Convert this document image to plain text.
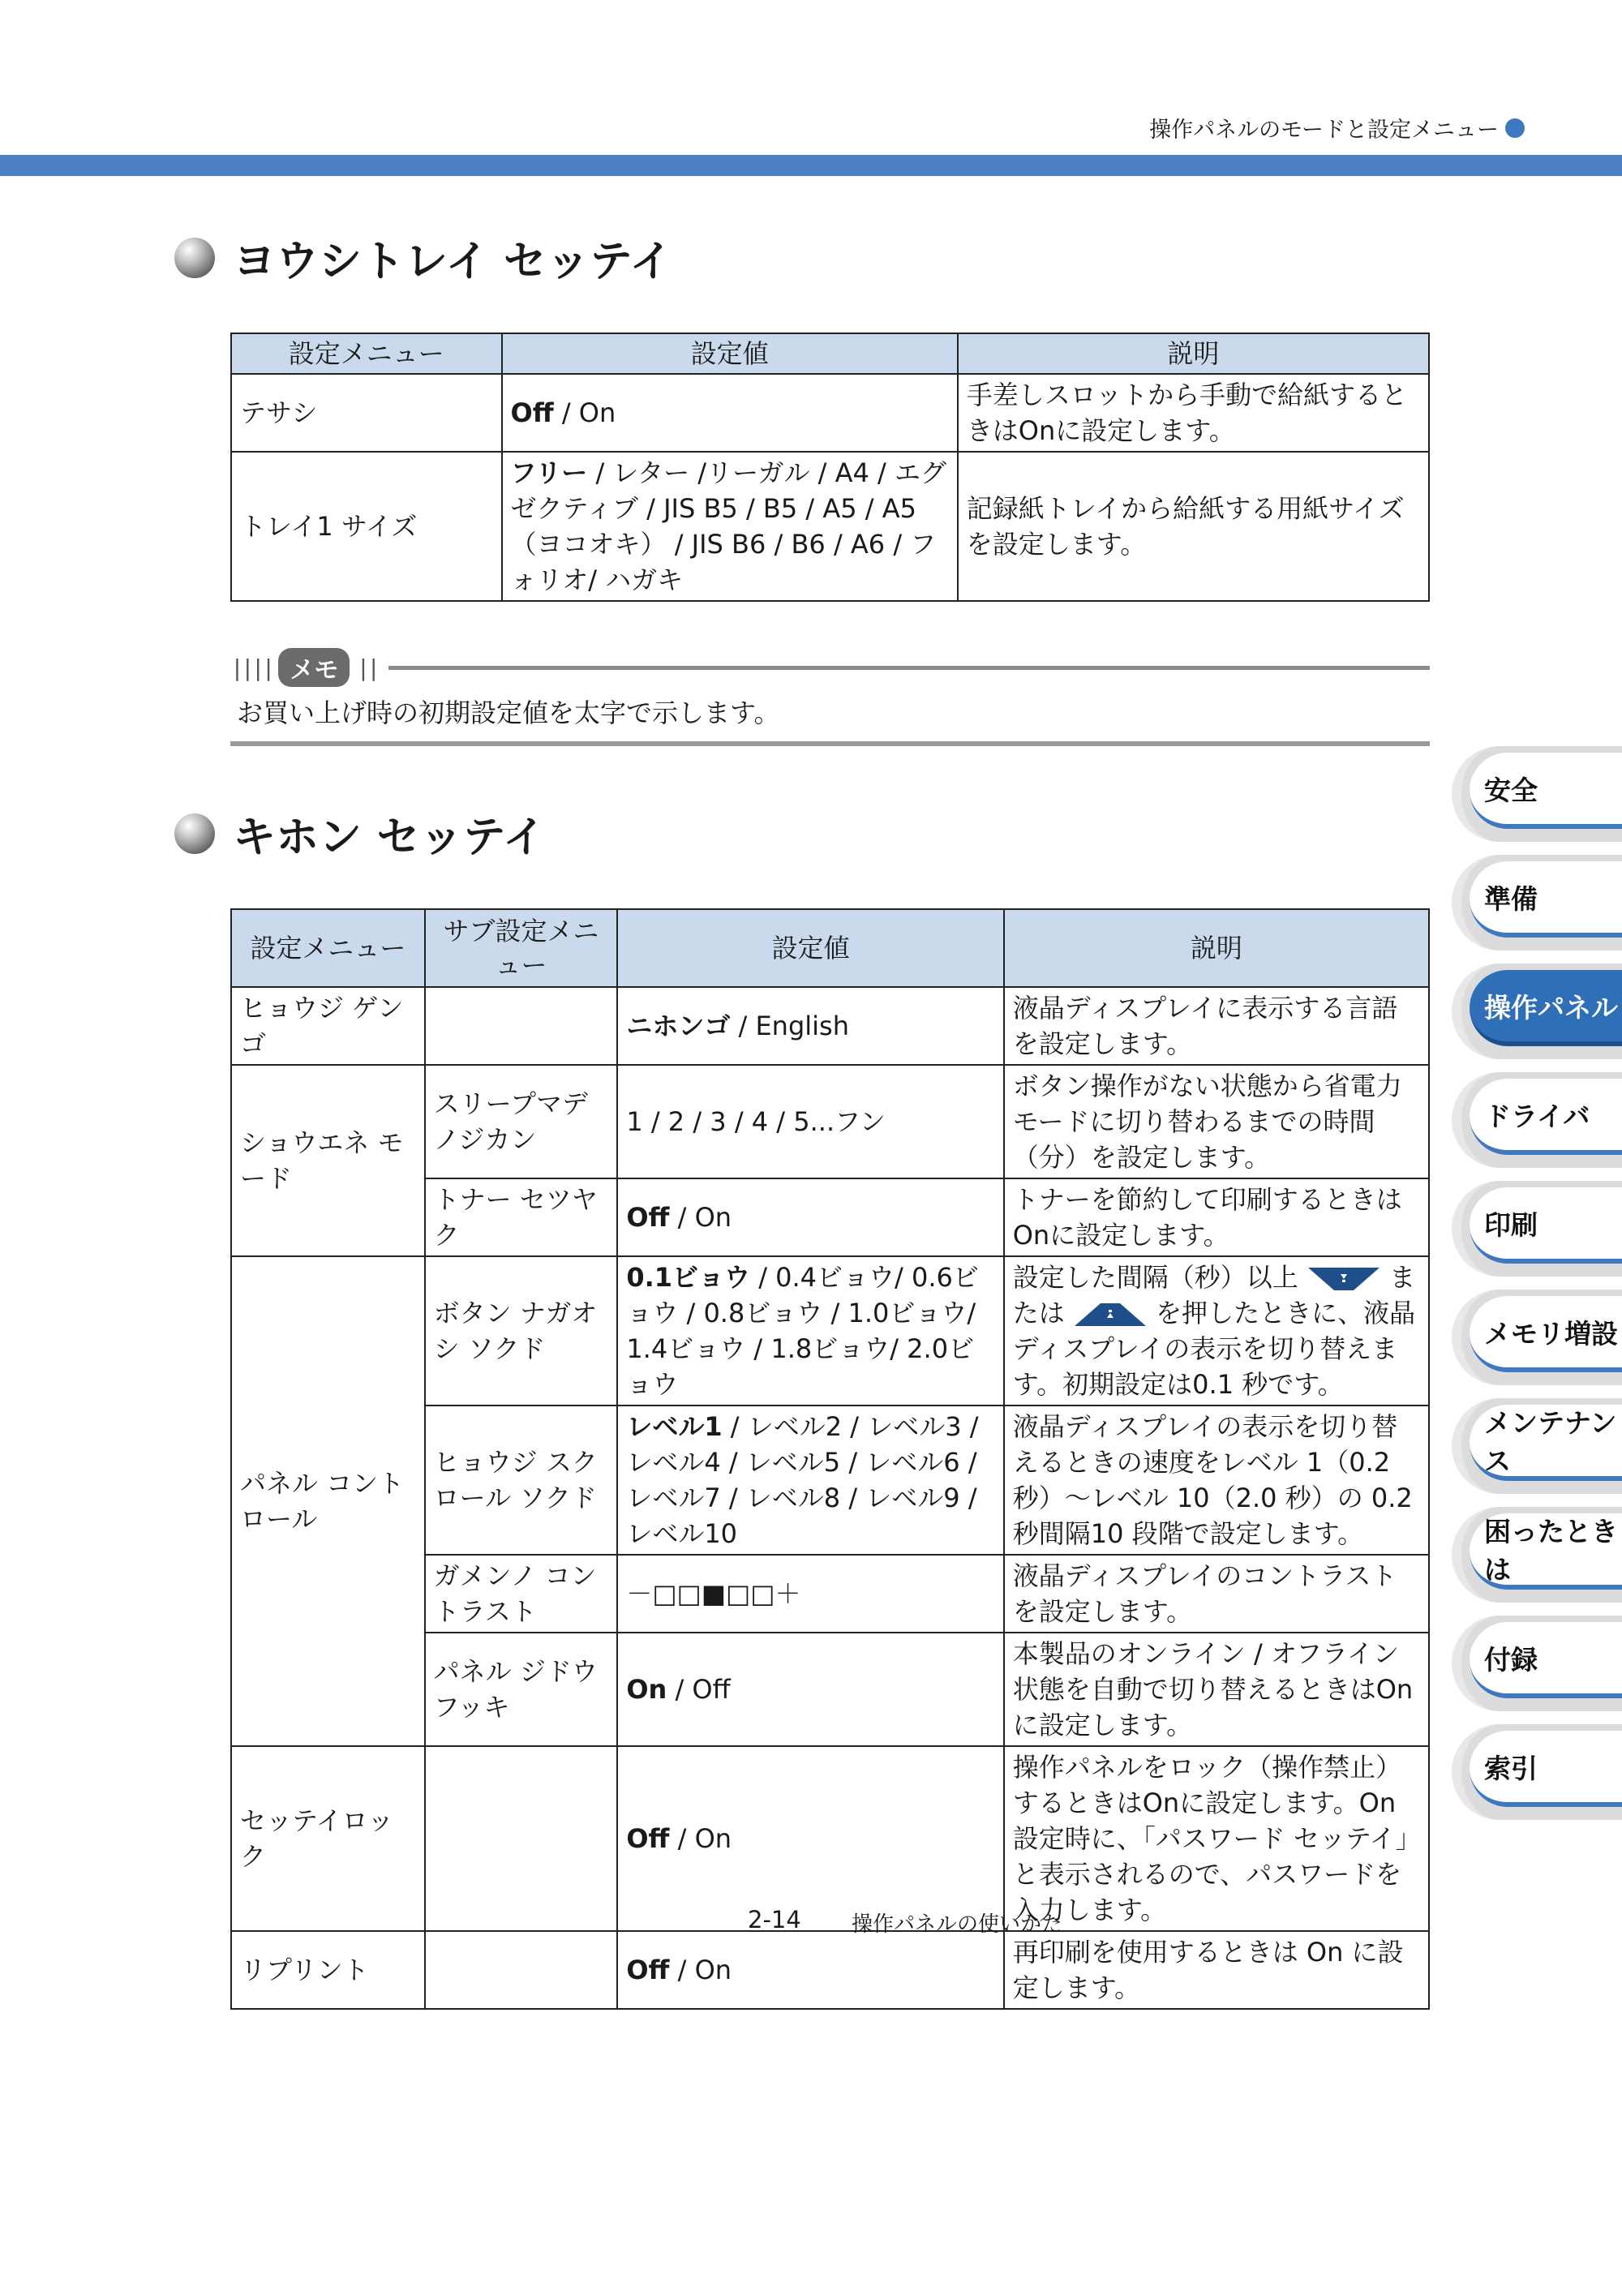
操作パネルのモードと設定メニュー
ヨウシトレイ セッテイ
設定メニュー	設定値	説明
テサシ	Off / On	手差しスロットから手動で給紙するときはOnに設定します。
トレイ1 サイズ	フリー / レター /リーガル / A4 / エグゼクティブ / JIS B5 / B5 / A5 / A5（ヨコオキ） / JIS B6 / B6 / A6 / フォリオ/ ハガキ	記録紙トレイから給紙する用紙サイズを設定します。
|||| メモ ||
お買い上げ時の初期設定値を太字で示します。
キホン セッテイ
設定メニュー	サブ設定メニュー	設定値	説明
ヒョウジ ゲンゴ		ニホンゴ / English	液晶ディスプレイに表示する言語を設定します。
ショウエネ モード	スリープマデ ノジカン	1 / 2 / 3 / 4 / 5...フン	ボタン操作がない状態から省電力モードに切り替わるまでの時間（分）を設定します。
	トナー セツヤク	Off / On	トナーを節約して印刷するときはOnに設定します。
パネル コントロール	ボタン ナガオシ ソクド	0.1ビョウ / 0.4ビョウ/ 0.6ビョウ / 0.8ビョウ / 1.0ビョウ/ 1.4ビョウ / 1.8ビョウ/ 2.0ビョウ	設定した間隔（秒）以上 または を押したときに、液晶ディスプレイの表示を切り替えます。初期設定は0.1 秒です。
	ヒョウジ スクロール ソクド	レベル1 / レベル2 / レベル3 / レベル4 / レベル5 / レベル6 / レベル7 / レベル8 / レベル9 / レベル10	液晶ディスプレイの表示を切り替えるときの速度をレベル 1（0.2 秒）〜レベル 10（2.0 秒）の 0.2 秒間隔10 段階で設定します。
	ガメンノ コントラスト	－□□■□□＋	液晶ディスプレイのコントラストを設定します。
	パネル ジドウフッキ	On / Off	本製品のオンライン / オフライン状態を自動で切り替えるときはOnに設定します。
セッテイロック		Off / On	操作パネルをロック（操作禁止）するときはOnに設定します。On 設定時に、「パスワード セッテイ」と表示されるので、パスワードを入力します。
リプリント		Off / On	再印刷を使用するときは On に設定します。
安全
準備
操作パネル
ドライバ
印刷
メモリ増設
メンテナンス
困ったときは
付録
索引
2-14 操作パネルの使いかた
